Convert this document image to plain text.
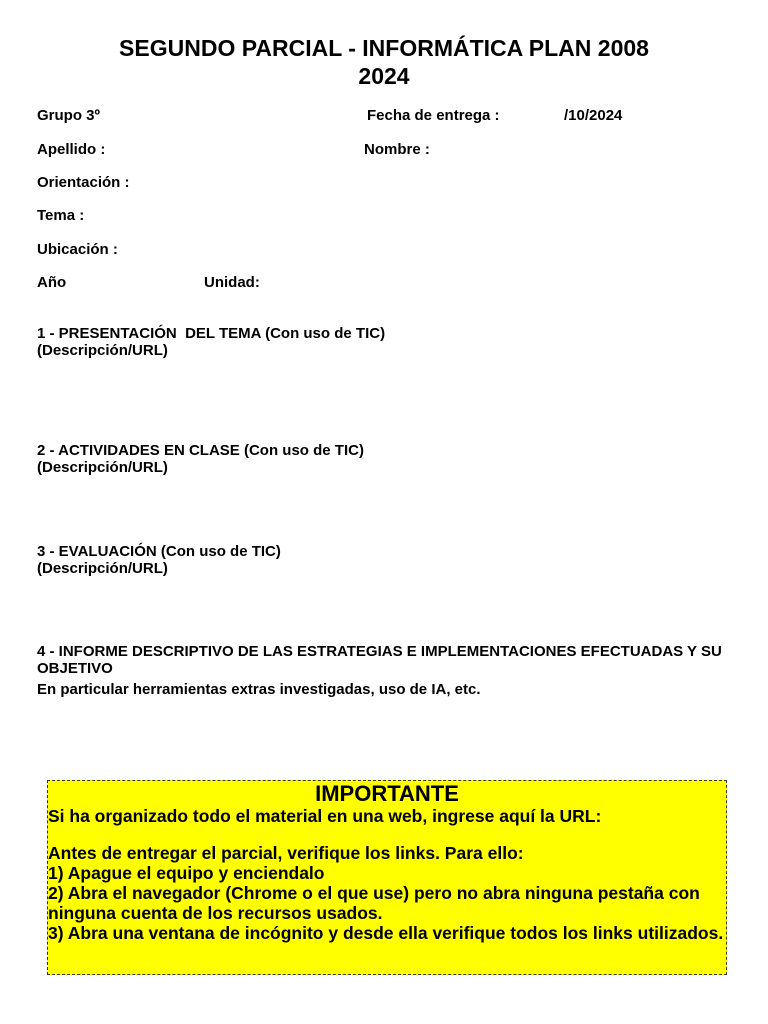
SEGUNDO PARCIAL - INFORMÁTICA PLAN 2008
2024
Grupo 3º	Fecha de entrega :	/10/2024
Apellido :	Nombre :
Orientación :
Tema :
Ubicación :
Año	Unidad:
1 - PRESENTACIÓN  DEL TEMA (Con uso de TIC)
(Descripción/URL)
2 - ACTIVIDADES EN CLASE (Con uso de TIC)
(Descripción/URL)
3 - EVALUACIÓN (Con uso de TIC)
(Descripción/URL)
4 - INFORME DESCRIPTIVO DE LAS ESTRATEGIAS E IMPLEMENTACIONES EFECTUADAS Y SU OBJETIVO
En particular herramientas extras investigadas, uso de IA, etc.
IMPORTANTE

Si ha organizado todo el material en una web, ingrese aquí la URL:

Antes de entregar el parcial, verifique los links. Para ello:

1) Apague el equipo y enciendalo

2) Abra el navegador (Chrome o el que use) pero no abra ninguna pestaña con ninguna cuenta de los recursos usados.

3) Abra una ventana de incógnito y desde ella verifique todos los links utilizados.
